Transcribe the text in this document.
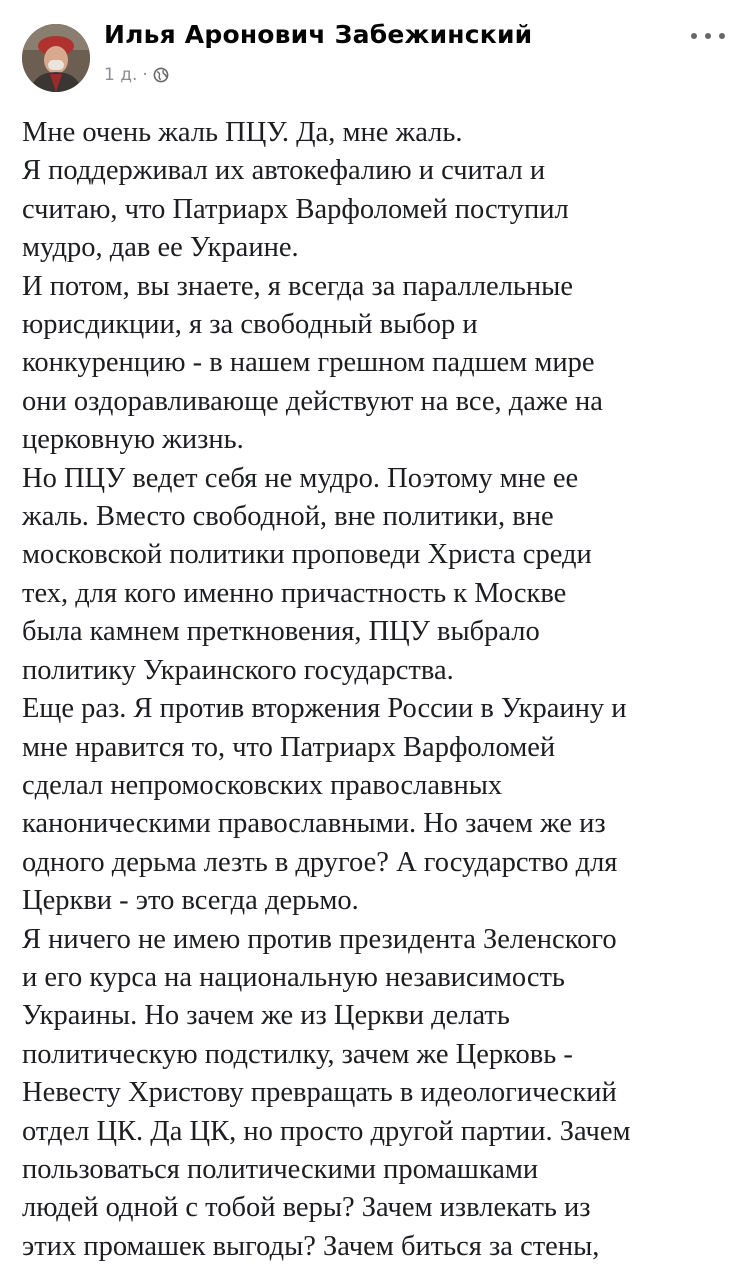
Илья Аронович Забежинский
1 д. ·

Мне очень жаль ПЦУ. Да, мне жаль.

Я поддерживал их автокефалию и считал и

считаю, что Патриарх Варфоломей поступил

мудро, дав ее Украине.

И потом, вы знаете, я всегда за параллельные

юрисдикции, я за свободный выбор и

конкуренцию - в нашем грешном падшем мире

они оздоравливающе действуют на все, даже на

церковную жизнь.

Но ПЦУ ведет себя не мудро. Поэтому мне ее

жаль. Вместо свободной, вне политики, вне

московской политики проповеди Христа среди

тех, для кого именно причастность к Москве

была камнем преткновения, ПЦУ выбрало

политику Украинского государства.

Еще раз. Я против вторжения России в Украину и

мне нравится то, что Патриарх Варфоломей

сделал непромосковских православных

каноническими православными. Но зачем же из

одного дерьма лезть в другое? А государство для

Церкви - это всегда дерьмо.

Я ничего не имею против президента Зеленского

и его курса на национальную независимость

Украины. Но зачем же из Церкви делать

политическую подстилку, зачем же Церковь -

Невесту Христову превращать в идеологический

отдел ЦК. Да ЦК, но просто другой партии. Зачем

пользоваться политическими промашками

людей одной с тобой веры? Зачем извлекать из

этих промашек выгоды? Зачем биться за стены,
